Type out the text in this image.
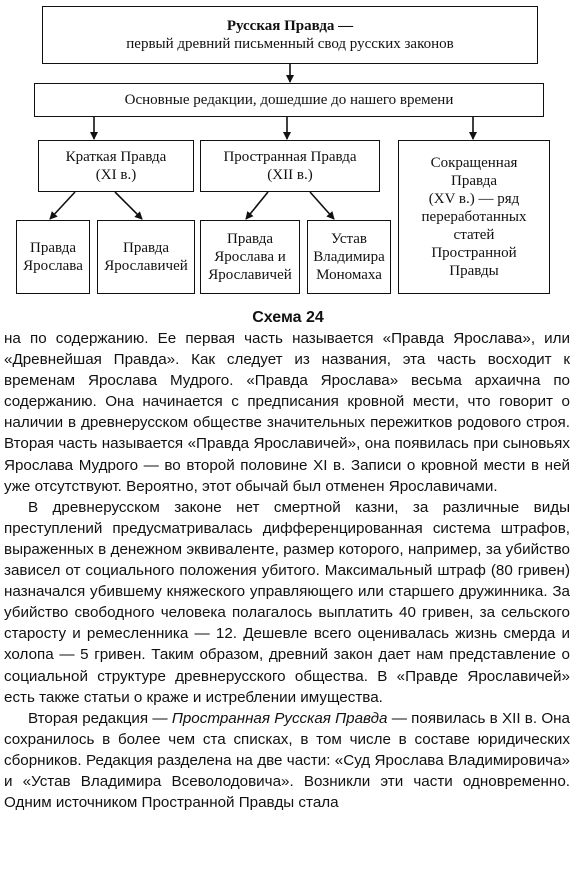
Русская Правда —
первый древний письменный свод русских законов
Основные редакции, дошедшие до нашего времени
Краткая Правда
(XI в.)
Пространная Правда
(XII в.)
Сокращенная
Правда
(XV в.) — ряд
переработанных
статей
Пространной
Правды
Правда
Ярослава
Правда
Ярославичей
Правда
Ярослава и
Ярославичей
Устав
Владимира
Мономаха
Схема 24

на по содержанию. Ее первая часть называется «Правда Ярослава», или «Древнейшая Правда». Как следует из названия, эта часть восходит к временам Ярослава Мудрого. «Правда Ярослава» весьма архаична по содержанию. Она начинается с предписания кровной мести, что говорит о наличии в древнерусском обществе значительных пережитков родового строя. Вторая часть называется «Правда Ярославичей», она появилась при сыновьях Ярослава Мудрого — во второй половине XI в. Записи о кровной мести в ней уже отсутствуют. Вероятно, этот обычай был отменен Ярославичами.

В древнерусском законе нет смертной казни, за различные виды преступлений предусматривалась дифференцированная система штрафов, выраженных в денежном эквиваленте, размер которого, например, за убийство зависел от социального положения убитого. Максимальный штраф (80 гривен) назначался убившему княжеского управляющего или старшего дружинника. За убийство свободного человека полагалось выплатить 40 гривен, за сельского старосту и ремесленника — 12. Дешевле всего оценивалась жизнь смерда и холопа — 5 гривен. Таким образом, древний закон дает нам представление о социальной структуре древнерусского общества. В «Правде Ярославичей» есть также статьи о краже и истреблении имущества.

Вторая редакция — Пространная Русская Правда — появилась в XII в. Она сохранилось в более чем ста списках, в том числе в составе юридических сборников. Редакция разделена на две части: «Суд Ярослава Владимировича» и «Устав Владимира Всеволодовича». Возникли эти части одновременно. Одним источником Пространной Правды стала
